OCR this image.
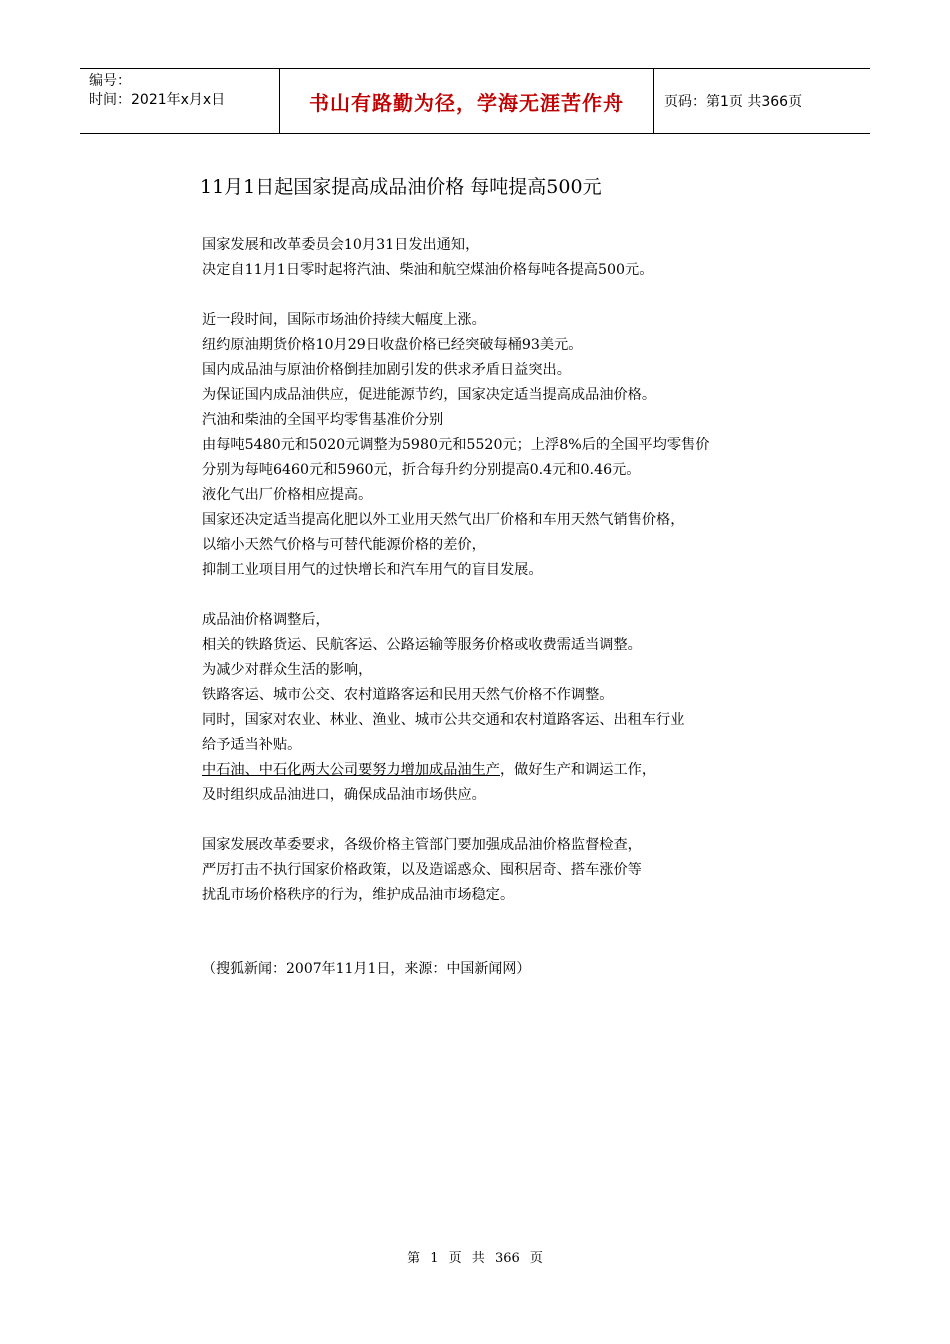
编号：
时间：2021年x月x日	书山有路勤为径，学海无涯苦作舟	页码：第1页 共366页
11月1日起国家提高成品油价格 每吨提高500元
国家发展和改革委员会10月31日发出通知，
决定自11月1日零时起将汽油、柴油和航空煤油价格每吨各提高500元。
近一段时间，国际市场油价持续大幅度上涨。
纽约原油期货价格10月29日收盘价格已经突破每桶93美元。
国内成品油与原油价格倒挂加剧引发的供求矛盾日益突出。
为保证国内成品油供应，促进能源节约，国家决定适当提高成品油价格。
汽油和柴油的全国平均零售基准价分别
由每吨5480元和5020元调整为5980元和5520元；上浮8%后的全国平均零售价
分别为每吨6460元和5960元，折合每升约分别提高0.4元和0.46元。
液化气出厂价格相应提高。
国家还决定适当提高化肥以外工业用天然气出厂价格和车用天然气销售价格，
以缩小天然气价格与可替代能源价格的差价，
抑制工业项目用气的过快增长和汽车用气的盲目发展。
成品油价格调整后，
相关的铁路货运、民航客运、公路运输等服务价格或收费需适当调整。
为减少对群众生活的影响，
铁路客运、城市公交、农村道路客运和民用天然气价格不作调整。
同时，国家对农业、林业、渔业、城市公共交通和农村道路客运、出租车行业
给予适当补贴。
中石油、中石化两大公司要努力增加成品油生产，做好生产和调运工作，
及时组织成品油进口，确保成品油市场供应。
国家发展改革委要求，各级价格主管部门要加强成品油价格监督检查，
严厉打击不执行国家价格政策，以及造谣惑众、囤积居奇、搭车涨价等
扰乱市场价格秩序的行为，维护成品油市场稳定。
（搜狐新闻：2007年11月1日，来源：中国新闻网）
第 1 页 共 366 页
